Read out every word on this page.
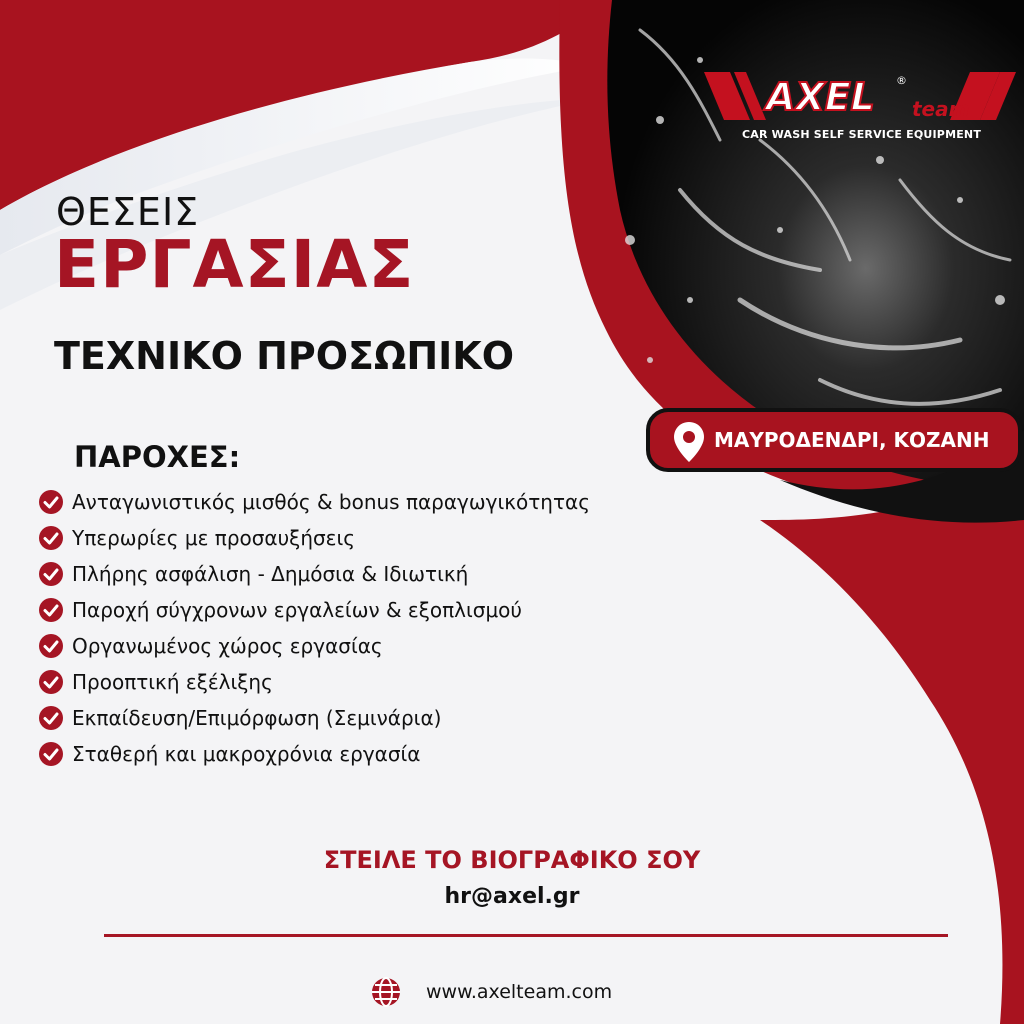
AXEL ®
team
CAR WASH SELF SERVICE EQUIPMENT
ΘΕΣΕΙΣ
ΕΡΓΑΣΙΑΣ
ΤΕΧΝΙΚΟ ΠΡΟΣΩΠΙΚΟ
ΜΑΥΡΟΔΕΝΔΡΙ, ΚΟΖΑΝΗ
ΠΑΡΟΧΕΣ:
Ανταγωνιστικός μισθός & bonus παραγωγικότητας
Υπερωρίες με προσαυξήσεις
Πλήρης ασφάλιση - Δημόσια & Ιδιωτική
Παροχή σύγχρονων εργαλείων & εξοπλισμού
Οργανωμένος χώρος εργασίας
Προοπτική εξέλιξης
Εκπαίδευση/Επιμόρφωση (Σεμινάρια)
Σταθερή και μακροχρόνια εργασία
ΣΤΕΙΛΕ ΤΟ ΒΙΟΓΡΑΦΙΚΟ ΣΟΥ
hr@axel.gr
www.axelteam.com
